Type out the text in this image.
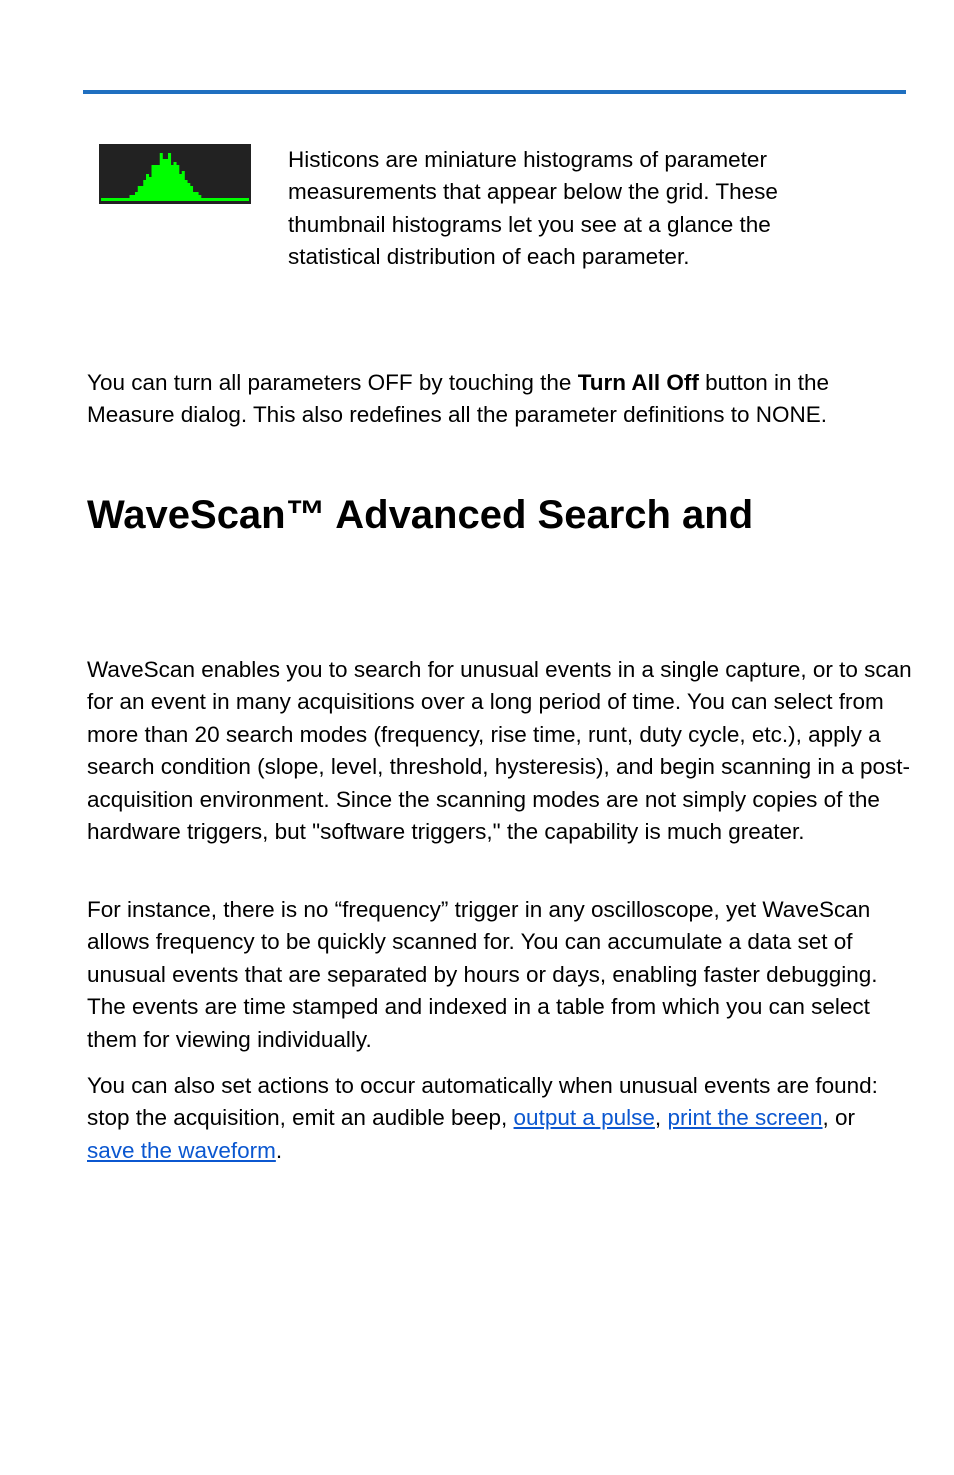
Histicons are miniature histograms of parameter measurements that appear below the grid. These thumbnail histograms let you see at a glance the statistical distribution of each parameter.

You can turn all parameters OFF by touching the Turn All Off button in the Measure dialog. This also redefines all the parameter definitions to NONE.

WaveScan™ Advanced Search and

WaveScan enables you to search for unusual events in a single capture, or to scan for an event in many acquisitions over a long period of time. You can select from more than 20 search modes (frequency, rise time, runt, duty cycle, etc.), apply a search condition (slope, level, threshold, hysteresis), and begin scanning in a post-acquisition environment. Since the scanning modes are not simply copies of the hardware triggers, but "software triggers," the capability is much greater.

For instance, there is no “frequency” trigger in any oscilloscope, yet WaveScan allows frequency to be quickly scanned for. You can accumulate a data set of unusual events that are separated by hours or days, enabling faster debugging. The events are time stamped and indexed in a table from which you can select them for viewing individually.

You can also set actions to occur automatically when unusual events are found: stop the acquisition, emit an audible beep, output a pulse, print the screen, or save the waveform.
